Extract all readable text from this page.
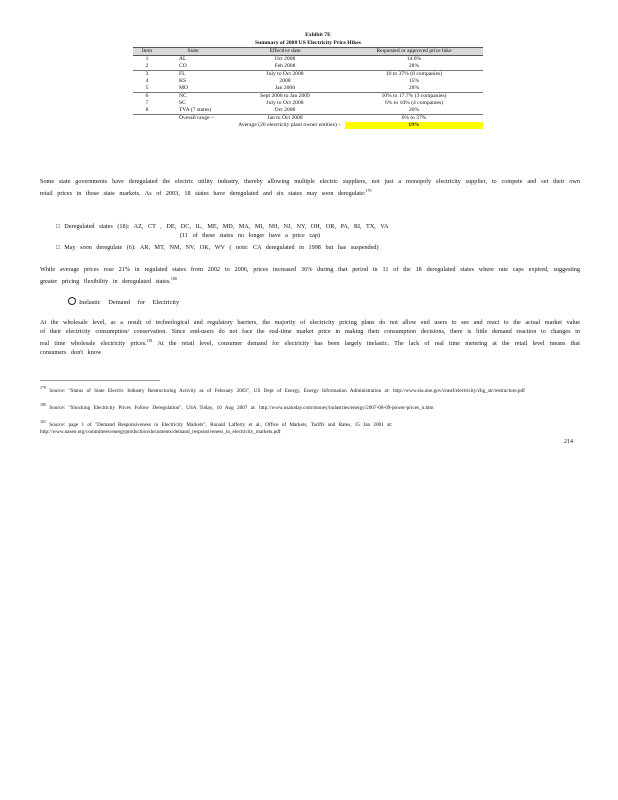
Exhibit 7E
Summary of 2008 US Electricity Price Hikes
Item	State	Effective date	Requested or approved price hike
1	AL	Oct 2008	14.6%
2	CO	Feb 2008	28%
3	FL	July to Oct 2008	10 to 37% (8 companies)
4	KS	2008	15%
5	MO	Jan 2008	28%
6	NC	Sept 2008 to Jan 2009	10% to 17.7% (3 companies)
7	SC	July to Oct 2008	6% to 10% (4 companies)
8	TVA (7 states)	Oct 2008	20%
	Overall range –	Jan to Oct 2008	6% to 37%
	Average (20 electricity plant owner entities) –		19%
Some state governments have deregulated the electric utility industry, thereby allowing multiple electric suppliers, not just a monopoly electricity supplier, to compete and set their own retail prices in those state markets. As of 2003, 18 states have deregulated and six states may soon deregulate:$^{179}$
□ Deregulated states (18): AZ, CT , DE, DC, IL, ME, MD, MA, MI, NH, NJ, NY, OH, OR, PA, RI, TX, VA
(11 of these states no longer have a price cap)
□ May soon deregulate (6): AR, MT, NM, NV, OK, WV ( note: CA deregulated in 1998 but has suspended)
While average prices rose 21% in regulated states from 2002 to 2006, prices increased 36% during that period in 11 of the 18 deregulated states where rate caps expired, suggesting greater pricing flexibility in deregulated states.$^{180}$
Inelastic Demand for Electricity
At the wholesale level, as a result of technological and regulatory barriers, the majority of electricity pricing plans do not allow end users to see and react to the actual market value of their electricity consumption/ conservation. Since end-users do not face the real-time market price in making their consumption decisions, there is little demand reaction to changes in real time wholesale electricity prices.$^{181}$ At the retail level, consumer demand for electricity has been largely inelastic. The lack of real time metering at the retail level means that consumers don't know
$^{179}$ Source: "Status of State Electric Industry Restructuring Activity as of February 2003", US Dept of Energy, Energy Information Administration at: http://www.eia.doe.gov/cneaf/electricity/chg_str/restructure.pdf
$^{180}$ Source: "Shocking Electricity Prices Follow Deregulation", USA Today, 10 Aug 2007 at: http://www.usatoday.com/money/industries/energy/2007-08-09-power-prices_n.htm
$^{181}$ Source: page 1 of "Demand Responsiveness in Electricity Markets", Ronald Lafferty et al., Office of Markets, Tariffs and Rates, 15 Jan 2001 at: http://www.naseo.org/committees/energyproduction/documents/demand_responsiveness_in_electricity_markets.pdf
214
